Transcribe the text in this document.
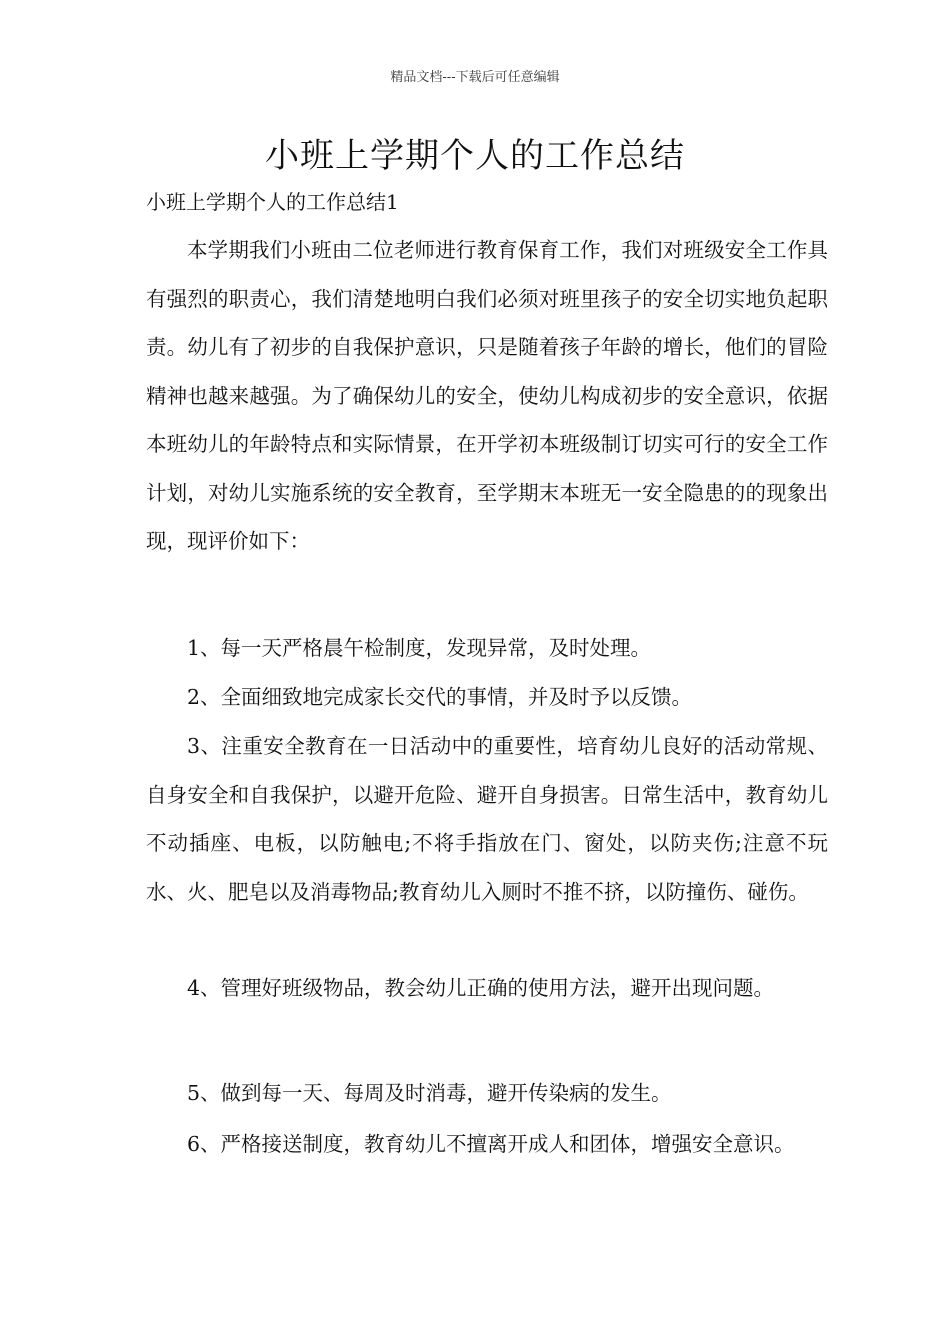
精品文档---下载后可任意编辑
小班上学期个人的工作总结

小班上学期个人的工作总结1

本学期我们小班由二位老师进行教育保育工作，我们对班级安全工作具有强烈的职责心，我们清楚地明白我们必须对班里孩子的安全切实地负起职责。幼儿有了初步的自我保护意识，只是随着孩子年龄的增长，他们的冒险精神也越来越强。为了确保幼儿的安全，使幼儿构成初步的安全意识，依据本班幼儿的年龄特点和实际情景，在开学初本班级制订切实可行的安全工作计划，对幼儿实施系统的安全教育，至学期末本班无一安全隐患的的现象出现，现评价如下：

1、每一天严格晨午检制度，发现异常，及时处理。

2、全面细致地完成家长交代的事情，并及时予以反馈。

3、注重安全教育在一日活动中的重要性，培育幼儿良好的活动常规、自身安全和自我保护，以避开危险、避开自身损害。日常生活中，教育幼儿不动插座、电板，以防触电;不将手指放在门、窗处，以防夹伤;注意不玩水、火、肥皂以及消毒物品;教育幼儿入厕时不推不挤，以防撞伤、碰伤。

4、管理好班级物品，教会幼儿正确的使用方法，避开出现问题。

5、做到每一天、每周及时消毒，避开传染病的发生。

6、严格接送制度，教育幼儿不擅离开成人和团体，增强安全意识。
